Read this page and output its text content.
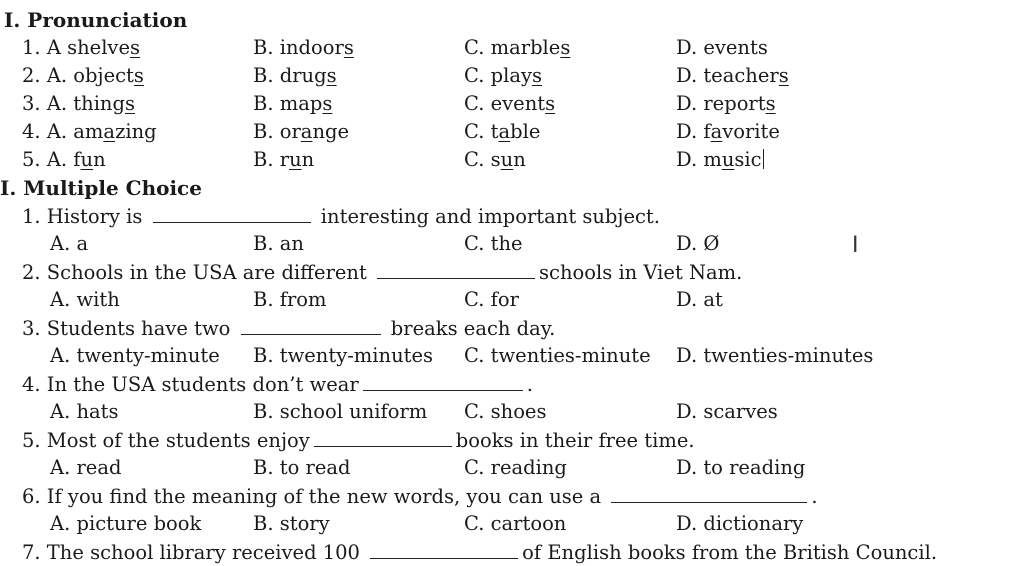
I. Pronunciation
1. A shelves	B. indoors	C. marbles	D. events
2. A. objects	B. drugs	C. plays	D. teachers
3. A. things	B. maps	C. events	D. reports
4. A. amazing	B. orange	C. table	D. favorite
5. A. fun	B. run	C. sun	D. music
I. Multiple Choice
1. History is	interesting and important subject.
A. a	B. an	C. the	D. Ø
2. Schools in the USA are different	schools in Viet Nam.
A. with	B. from	C. for	D. at
3. Students have two	breaks each day.
A. twenty-minute B. twenty-minutes C. twenties-minute D. twenties-minutes
4. In the USA students don’t wear	.
A. hats	B. school uniform C. shoes	D. scarves
5. Most of the students enjoy	books in their free time.
A. read	B. to read	C. reading	D. to reading
6. If you find the meaning of the new words, you can use a	.
A. picture book	B. story	C. cartoon	D. dictionary
7. The school library received 100	of English books from the British Council.
I
